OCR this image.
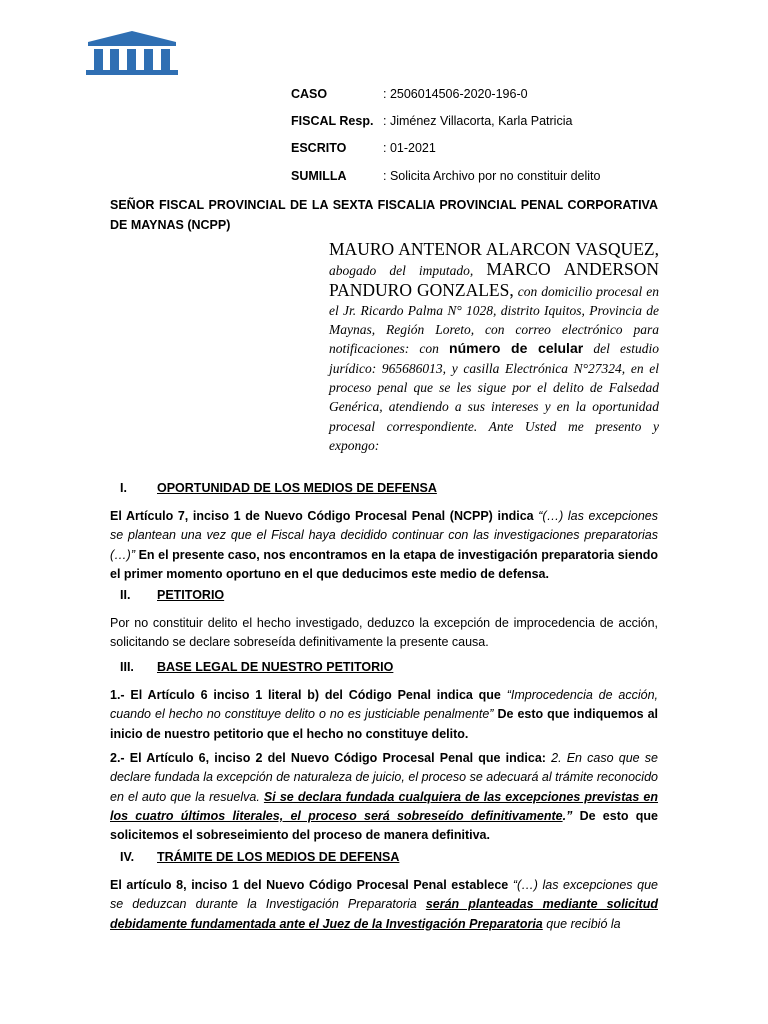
CASO	: 2506014506-2020-196-0
FISCAL Resp. : Jiménez Villacorta, Karla Patricia
ESCRITO	: 01-2021
SUMILLA	: Solicita Archivo por no constituir delito
SEÑOR FISCAL PROVINCIAL DE LA SEXTA FISCALIA PROVINCIAL PENAL CORPORATIVA DE MAYNAS (NCPP)
MAURO ANTENOR ALARCON VASQUEZ, abogado del imputado, MARCO ANDERSON PANDURO GONZALES, con domicilio procesal en el Jr. Ricardo Palma N° 1028, distrito Iquitos, Provincia de Maynas, Región Loreto, con correo electrónico para notificaciones: con número de celular del estudio jurídico: 965686013, y casilla Electrónica N°27324, en el proceso penal que se les sigue por el delito de Falsedad Genérica, atendiendo a sus intereses y en la oportunidad procesal correspondiente. Ante Usted me presento y expongo:
I. OPORTUNIDAD DE LOS MEDIOS DE DEFENSA
El Artículo 7, inciso 1 de Nuevo Código Procesal Penal (NCPP) indica “(…) las excepciones se plantean una vez que el Fiscal haya decidido continuar con las investigaciones preparatorias (…)” En el presente caso, nos encontramos en la etapa de investigación preparatoria siendo el primer momento oportuno en el que deducimos este medio de defensa.
II. PETITORIO
Por no constituir delito el hecho investigado, deduzco la excepción de improcedencia de acción, solicitando se declare sobreseída definitivamente la presente causa.
III. BASE LEGAL DE NUESTRO PETITORIO
1.- El Artículo 6 inciso 1 literal b) del Código Penal indica que “Improcedencia de acción, cuando el hecho no constituye delito o no es justiciable penalmente” De esto que indiquemos al inicio de nuestro petitorio que el hecho no constituye delito.
2.- El Artículo 6, inciso 2 del Nuevo Código Procesal Penal que indica: 2. En caso que se declare fundada la excepción de naturaleza de juicio, el proceso se adecuará al trámite reconocido en el auto que la resuelva. Si se declara fundada cualquiera de las excepciones previstas en los cuatro últimos literales, el proceso será sobreseído definitivamente.” De esto que solicitemos el sobreseimiento del proceso de manera definitiva.
IV. TRÁMITE DE LOS MEDIOS DE DEFENSA
El artículo 8, inciso 1 del Nuevo Código Procesal Penal establece “(…) las excepciones que se deduzcan durante la Investigación Preparatoria serán planteadas mediante solicitud debidamente fundamentada ante el Juez de la Investigación Preparatoria que recibió la
